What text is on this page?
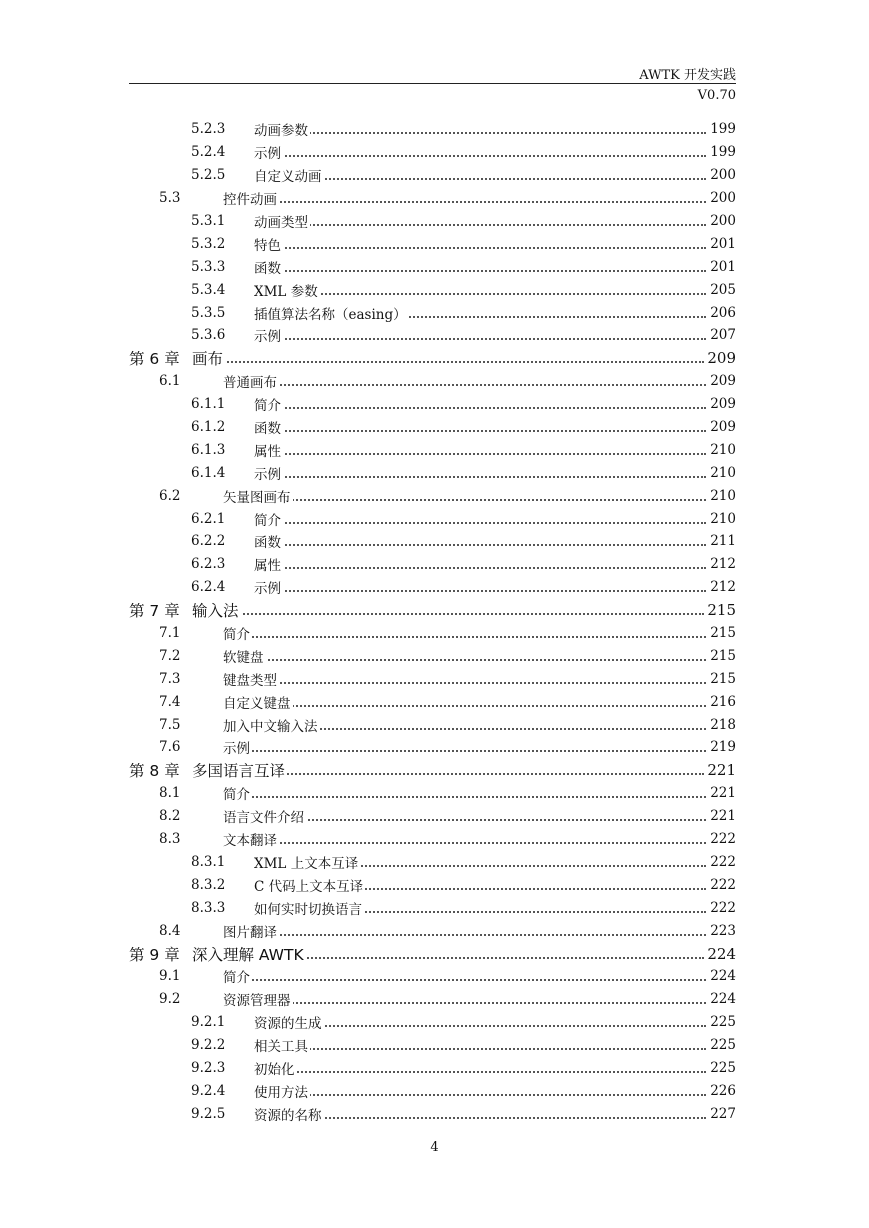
AWTK 开发实践
V0.70
5.2.3 动画参数	199
5.2.4 示例	199
5.2.5 自定义动画	200
5.3	控件动画	200
5.3.1 动画类型	200
5.3.2 特色	201
5.3.3 函数	201
5.3.4 XML 参数	205
5.3.5 插值算法名称（easing）	206
5.3.6 示例	207
第 6 章 画布	209
6.1	普通画布	209
6.1.1 简介	209
6.1.2 函数	209
6.1.3 属性	210
6.1.4 示例	210
6.2	矢量图画布	210
6.2.1 简介	210
6.2.2 函数	211
6.2.3 属性	212
6.2.4 示例	212
第 7 章 输入法	215
7.1	简介	215
7.2	软键盘	215
7.3	键盘类型	215
7.4	自定义键盘	216
7.5	加入中文输入法	218
7.6	示例	219
第 8 章 多国语言互译	221
8.1	简介	221
8.2	语言文件介绍	221
8.3	文本翻译	222
8.3.1 XML 上文本互译	222
8.3.2 C 代码上文本互译	222
8.3.3 如何实时切换语言	222
8.4	图片翻译	223
第 9 章 深入理解 AWTK	224
9.1	简介	224
9.2	资源管理器	224
9.2.1 资源的生成	225
9.2.2 相关工具	225
9.2.3 初始化	225
9.2.4 使用方法	226
9.2.5 资源的名称	227
4
